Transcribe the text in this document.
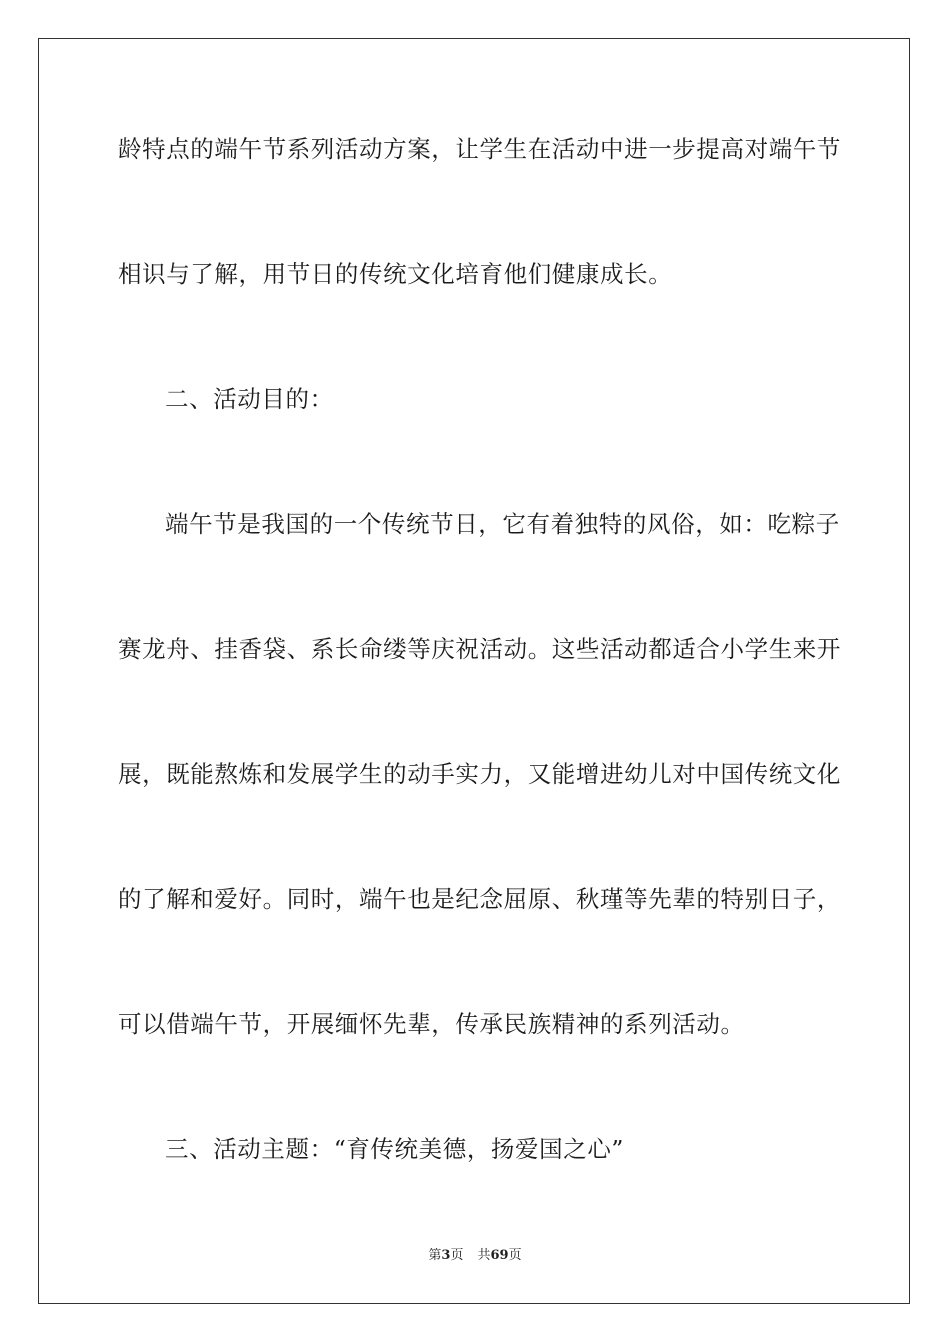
龄特点的端午节系列活动方案，让学生在活动中进一步提高对端午节
相识与了解，用节日的传统文化培育他们健康成长。
二、活动目的：
端午节是我国的一个传统节日，它有着独特的风俗，如：吃粽子
赛龙舟、挂香袋、系长命缕等庆祝活动。这些活动都适合小学生来开
展，既能熬炼和发展学生的动手实力，又能增进幼儿对中国传统文化
的了解和爱好。同时，端午也是纪念屈原、秋瑾等先辈的特别日子，
可以借端午节，开展缅怀先辈，传承民族精神的系列活动。
三、活动主题：“育传统美德，扬爱国之心”
第3页 共69页
